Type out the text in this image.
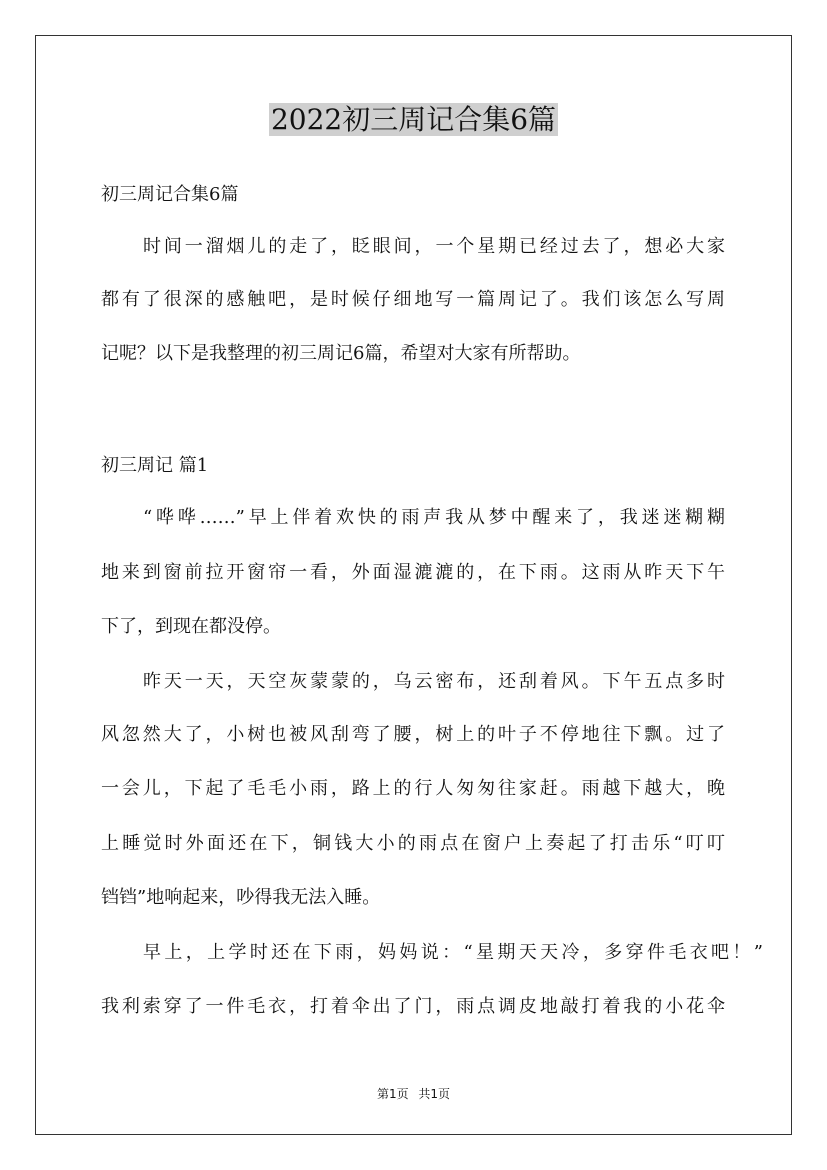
2022初三周记合集6篇
初三周记合集6篇
时间一溜烟儿的走了，眨眼间，一个星期已经过去了，想必大家
都有了很深的感触吧，是时候仔细地写一篇周记了。我们该怎么写周
记呢？以下是我整理的初三周记6篇，希望对大家有所帮助。
初三周记 篇1
“哗哗……”早上伴着欢快的雨声我从梦中醒来了，我迷迷糊糊
地来到窗前拉开窗帘一看，外面湿漉漉的，在下雨。这雨从昨天下午
下了，到现在都没停。
昨天一天，天空灰蒙蒙的，乌云密布，还刮着风。下午五点多时
风忽然大了，小树也被风刮弯了腰，树上的叶子不停地往下飘。过了
一会儿，下起了毛毛小雨，路上的行人匆匆往家赶。雨越下越大，晚
上睡觉时外面还在下，铜钱大小的雨点在窗户上奏起了打击乐“叮叮
铛铛”地响起来，吵得我无法入睡。
早上，上学时还在下雨，妈妈说：“星期天天冷，多穿件毛衣吧！”
我利索穿了一件毛衣，打着伞出了门，雨点调皮地敲打着我的小花伞
第1页 共1页
